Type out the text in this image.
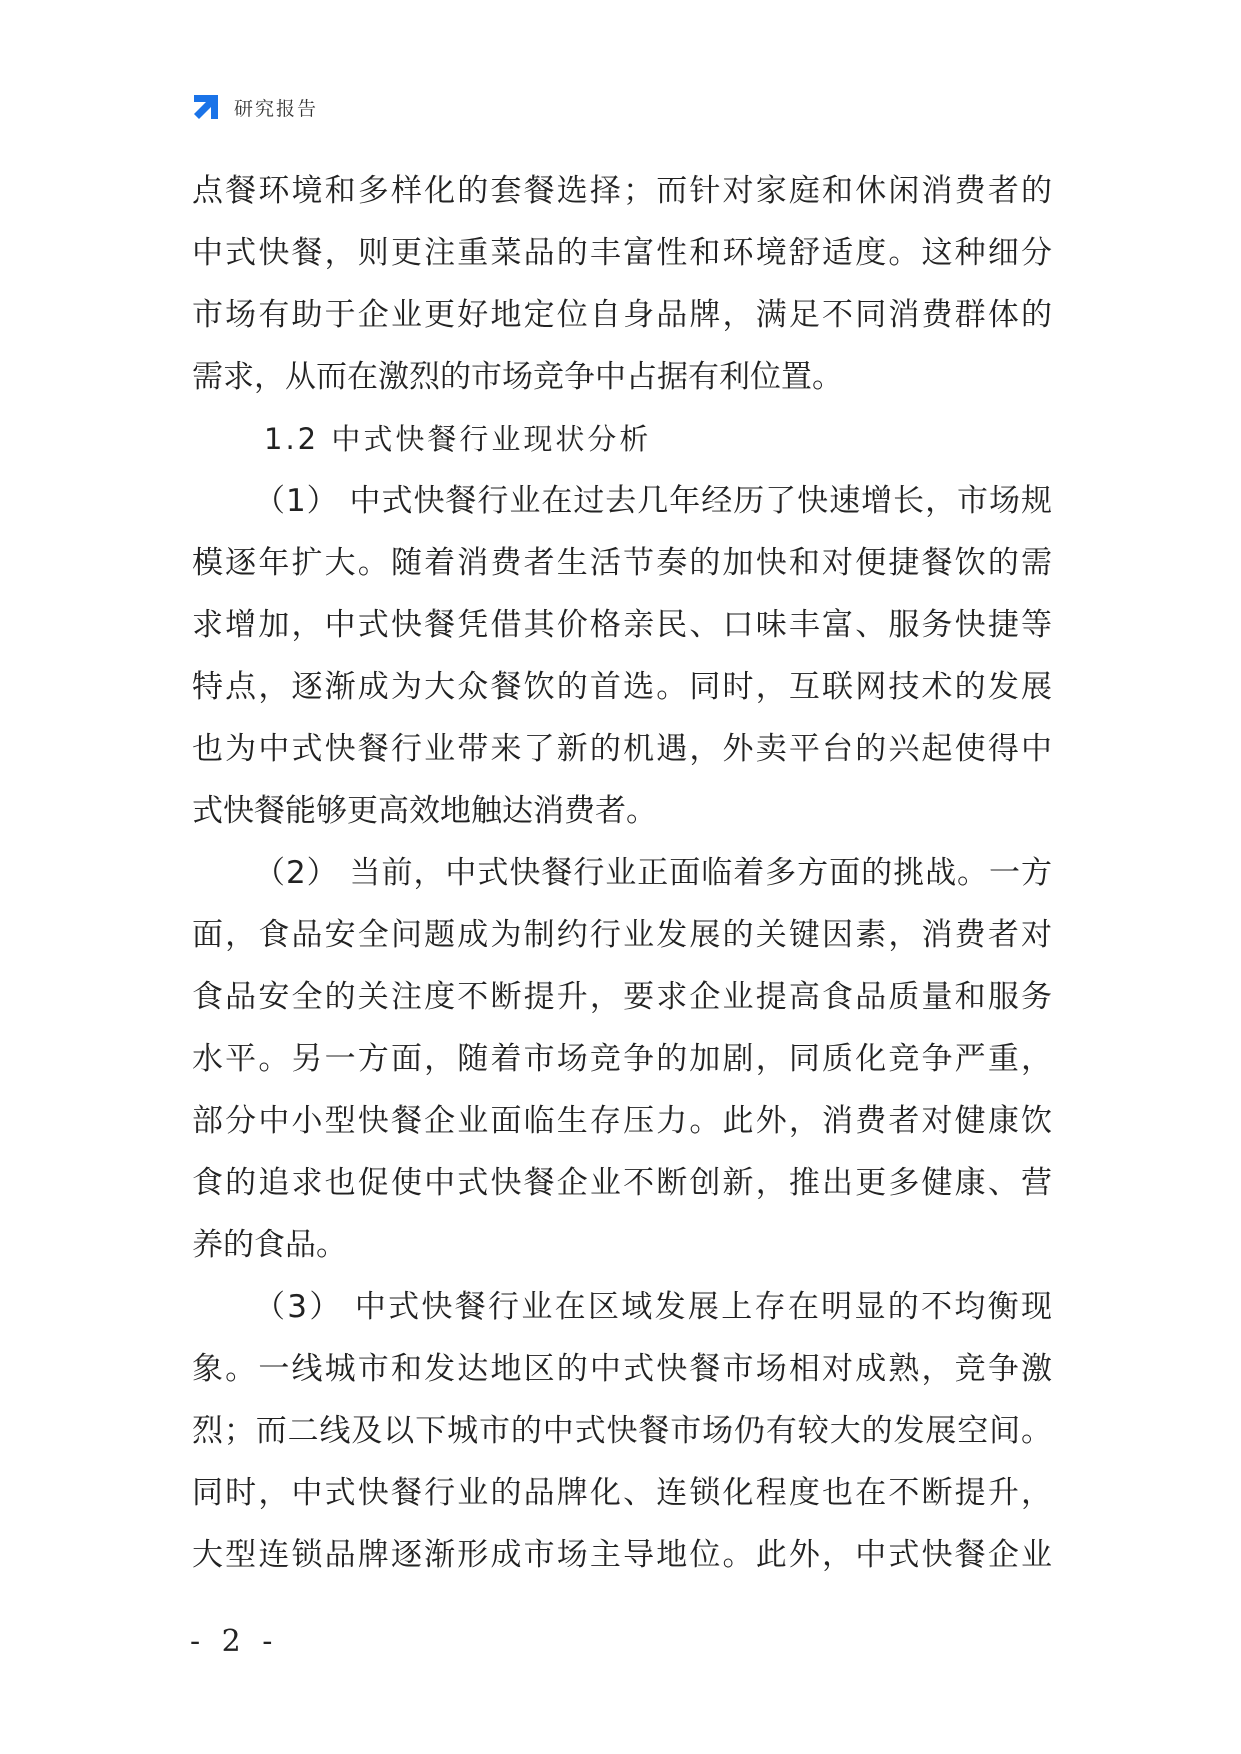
研究报告
点餐环境和多样化的套餐选择；而针对家庭和休闲消费者的
中式快餐，则更注重菜品的丰富性和环境舒适度。这种细分
市场有助于企业更好地定位自身品牌，满足不同消费群体的
需求，从而在激烈的市场竞争中占据有利位置。
1.2 中式快餐行业现状分析
（1） 中式快餐行业在过去几年经历了快速增长，市场规
模逐年扩大。随着消费者生活节奏的加快和对便捷餐饮的需
求增加，中式快餐凭借其价格亲民、口味丰富、服务快捷等
特点，逐渐成为大众餐饮的首选。同时，互联网技术的发展
也为中式快餐行业带来了新的机遇，外卖平台的兴起使得中
式快餐能够更高效地触达消费者。
（2） 当前，中式快餐行业正面临着多方面的挑战。一方
面，食品安全问题成为制约行业发展的关键因素，消费者对
食品安全的关注度不断提升，要求企业提高食品质量和服务
水平。另一方面，随着市场竞争的加剧，同质化竞争严重，
部分中小型快餐企业面临生存压力。此外，消费者对健康饮
食的追求也促使中式快餐企业不断创新，推出更多健康、营
养的食品。
（3） 中式快餐行业在区域发展上存在明显的不均衡现
象。一线城市和发达地区的中式快餐市场相对成熟，竞争激
烈；而二线及以下城市的中式快餐市场仍有较大的发展空间。
同时，中式快餐行业的品牌化、连锁化程度也在不断提升，
大型连锁品牌逐渐形成市场主导地位。此外，中式快餐企业
- 2 -
